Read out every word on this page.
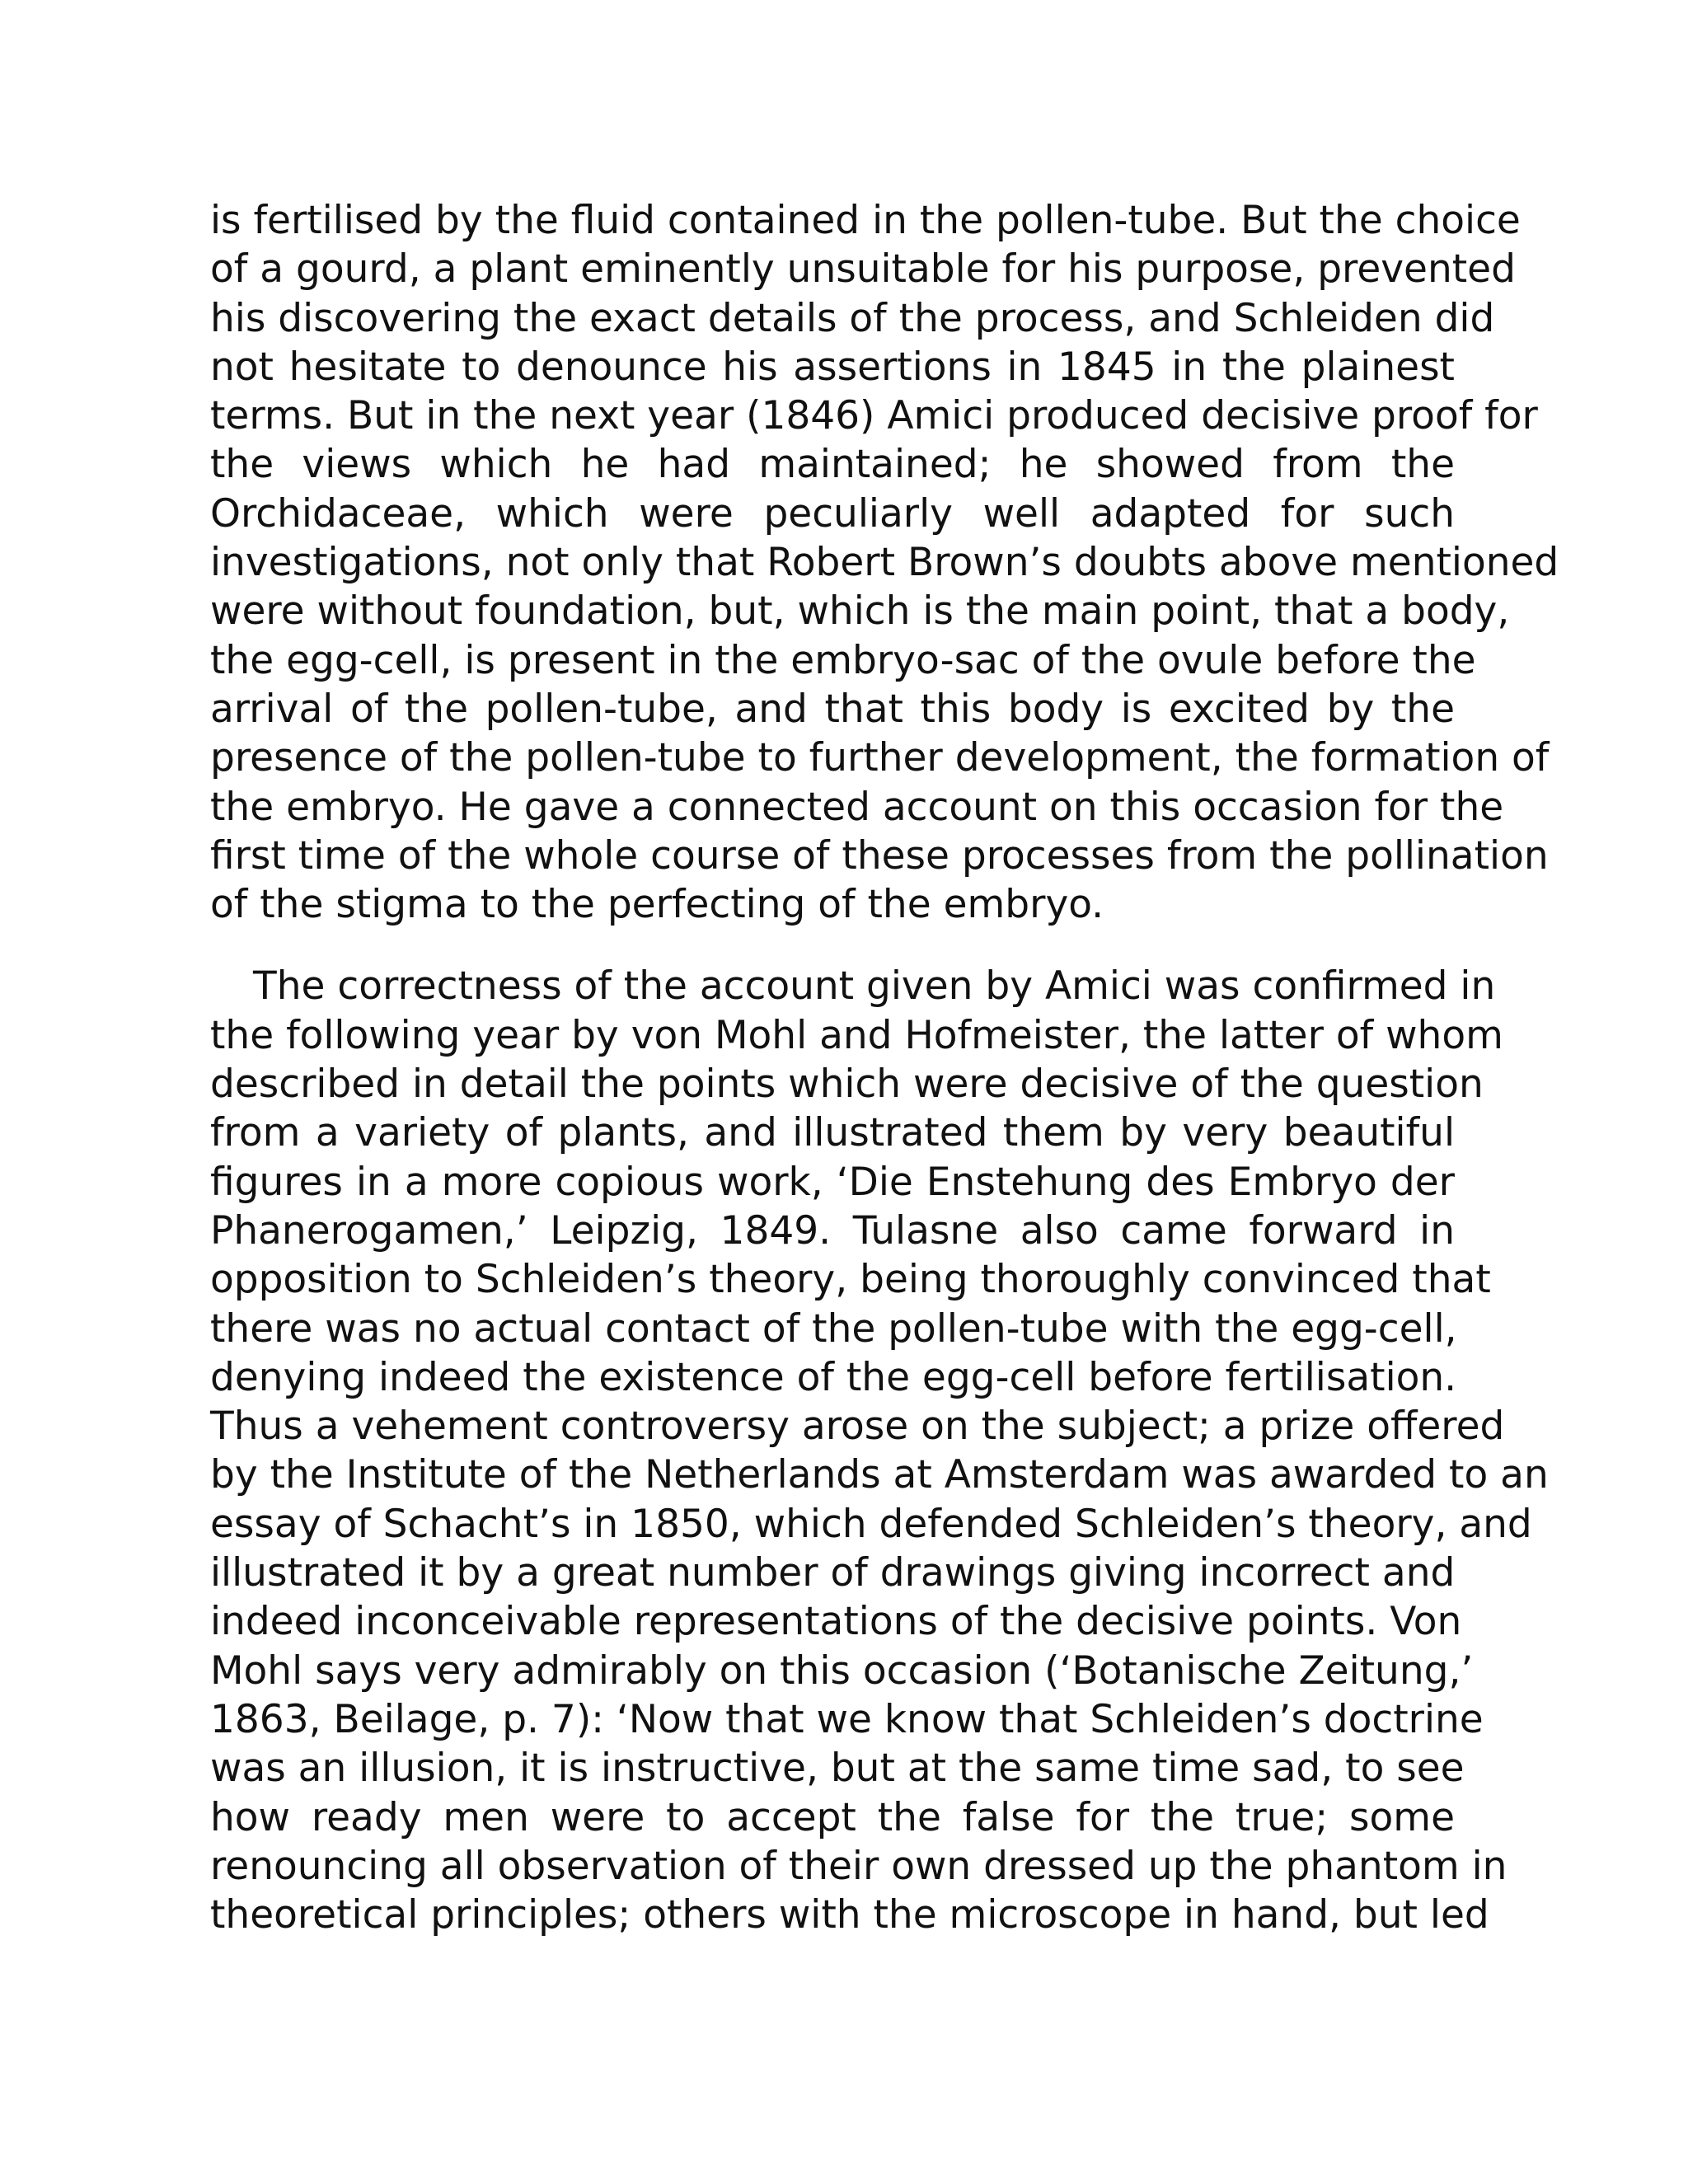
is fertilised by the fluid contained in the pollen-tube. But the choice
of a gourd, a plant eminently unsuitable for his purpose, prevented
his discovering the exact details of the process, and Schleiden did
not hesitate to denounce his assertions in 1845 in the plainest
terms. But in the next year (1846) Amici produced decisive proof for
the views which he had maintained; he showed from the
Orchidaceae, which were peculiarly well adapted for such
investigations, not only that Robert Brown’s doubts above mentioned
were without foundation, but, which is the main point, that a body,
the egg-cell, is present in the embryo-sac of the ovule before the
arrival of the pollen-tube, and that this body is excited by the
presence of the pollen-tube to further development, the formation of
the embryo. He gave a connected account on this occasion for the
first time of the whole course of these processes from the pollination
of the stigma to the perfecting of the embryo.
The correctness of the account given by Amici was confirmed in
the following year by von Mohl and Hofmeister, the latter of whom
described in detail the points which were decisive of the question
from a variety of plants, and illustrated them by very beautiful
figures in a more copious work, ‘Die Enstehung des Embryo der
Phanerogamen,’ Leipzig, 1849. Tulasne also came forward in
opposition to Schleiden’s theory, being thoroughly convinced that
there was no actual contact of the pollen-tube with the egg-cell,
denying indeed the existence of the egg-cell before fertilisation.
Thus a vehement controversy arose on the subject; a prize offered
by the Institute of the Netherlands at Amsterdam was awarded to an
essay of Schacht’s in 1850, which defended Schleiden’s theory, and
illustrated it by a great number of drawings giving incorrect and
indeed inconceivable representations of the decisive points. Von
Mohl says very admirably on this occasion (‘Botanische Zeitung,’
1863, Beilage, p. 7): ‘Now that we know that Schleiden’s doctrine
was an illusion, it is instructive, but at the same time sad, to see
how ready men were to accept the false for the true; some
renouncing all observation of their own dressed up the phantom in
theoretical principles; others with the microscope in hand, but led
